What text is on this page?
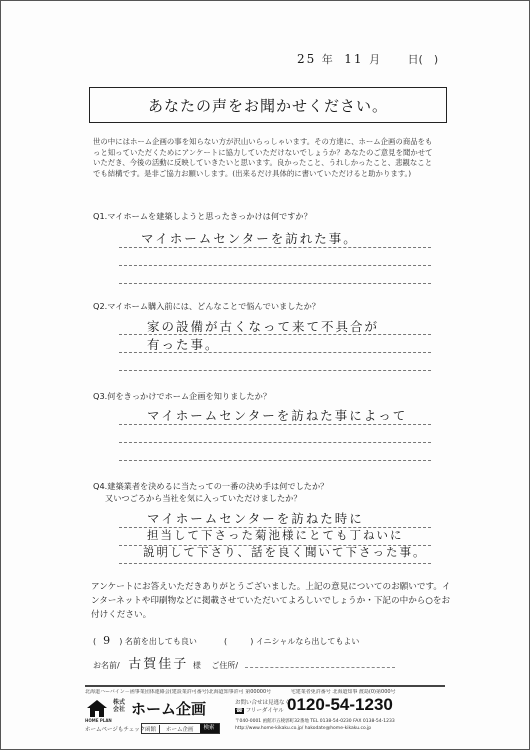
25 年 11 月	日(　)
あなたの声をお聞かせください。
世の中にはホーム企画の事を知らない方が沢山いらっしゃいます。その方達に、ホーム企画の商品をもっと知っていただくためにアンケートに協力していただけないでしょうか？あなたのご意見を聞かせていただき、今後の活動に反映していきたいと思います。良かったこと、うれしかったこと、悲観なことでも結構です。是非ご協力お願いします。(出来るだけ具体的に書いていただけると助かります。)
Q1.マイホームを建築しようと思ったきっかけは何ですか？
マイホームセンターを訪れた事。
Q2.マイホーム購入前には、どんなことで悩んでいましたか？
家の設備が古くなって来て不具合が
有った事。
Q3.何をきっかけでホーム企画を知りましたか？
マイホームセンターを訪ねた事によって
Q4.建築業者を決めるに当たっての一番の決め手は何でしたか？
又いつごろから当社を気に入っていただけましたか？
マイホームセンターを訪ねた時に
担当して下さった菊池様にとても丁ねいに
説明して下さり、話を良く聞いて下さった事。
アンケートにお答えいただきありがとうございました。上記の意見についてのお願いです。インターネットや印刷物などに掲載させていただいてよろしいでしょうか・下記の中から○をお付けください。
( 9 ) 名前を出しても良い	(	) イニシャルなら出してもよい
お名前/ 古賀佳子 様 ご住所/
北海道ハーバイン－函事業団体連絡会(建設業許可番号)北海道知事許可 第00000号	宅建業者免許番号 北海道知事 渡島(0)第000号
HOME PLAN
株式会社 ホーム企画	お問い合せは見逃なく
☎ フリーダイヤル 0120-54-1230
ホームページもチェック 函館	ホーム企画	検索
〒040-0001 函館市五稜郭町32番地 TEL 0138-54-0230 FAX 0138-54-1233
http://www.home-kikaku.co.jp/ hakodate@home-kikaku.co.jp
